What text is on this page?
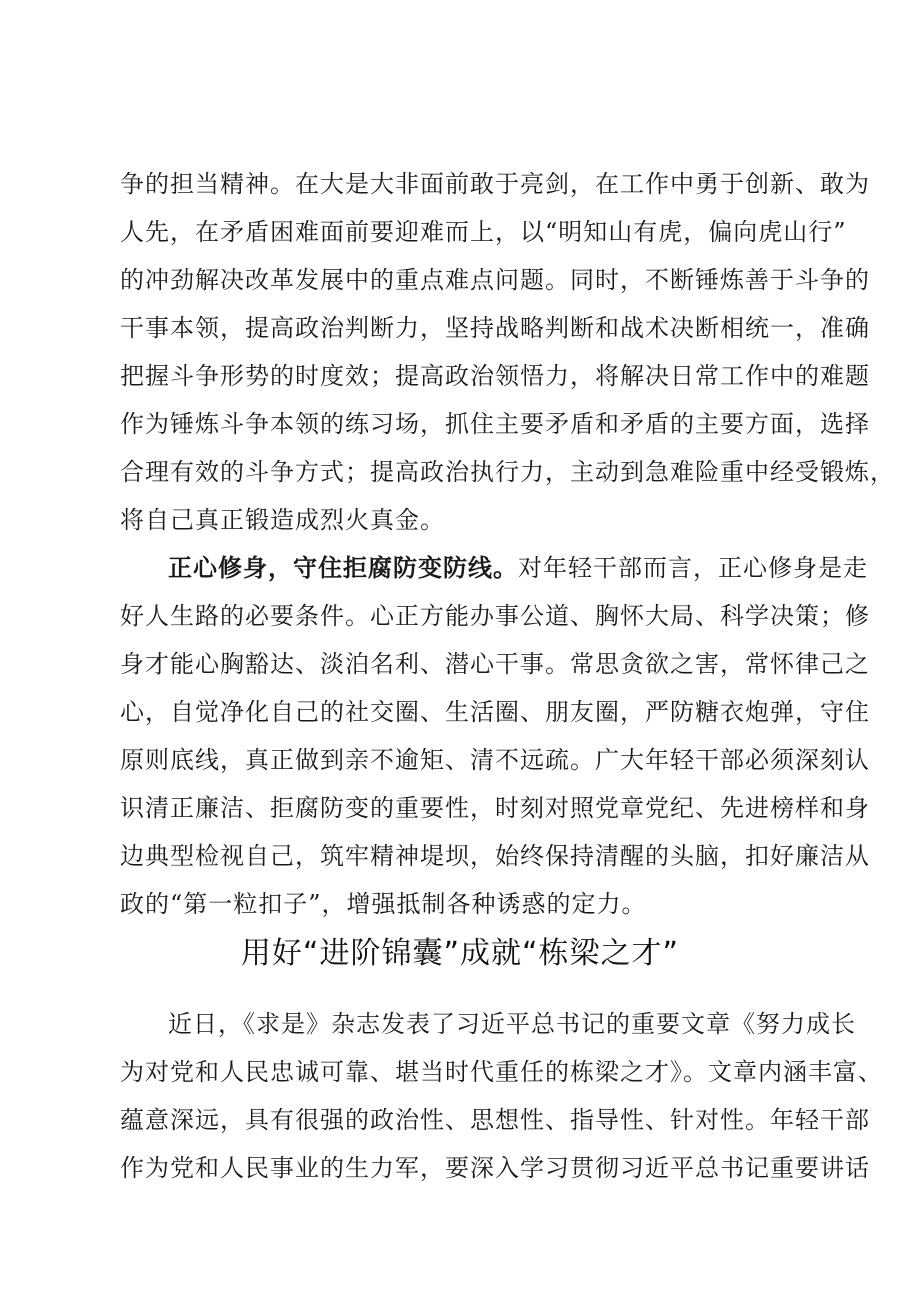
争的担当精神。在大是大非面前敢于亮剑，在工作中勇于创新、敢为
人先，在矛盾困难面前要迎难而上，以“明知山有虎，偏向虎山行”
的冲劲解决改革发展中的重点难点问题。同时，不断锤炼善于斗争的
干事本领，提高政治判断力，坚持战略判断和战术决断相统一，准确
把握斗争形势的时度效；提高政治领悟力，将解决日常工作中的难题
作为锤炼斗争本领的练习场，抓住主要矛盾和矛盾的主要方面，选择
合理有效的斗争方式；提高政治执行力，主动到急难险重中经受锻炼，
将自己真正锻造成烈火真金。
正心修身，守住拒腐防变防线。对年轻干部而言，正心修身是走
好人生路的必要条件。心正方能办事公道、胸怀大局、科学决策；修
身才能心胸豁达、淡泊名利、潜心干事。常思贪欲之害，常怀律己之
心，自觉净化自己的社交圈、生活圈、朋友圈，严防糖衣炮弹，守住
原则底线，真正做到亲不逾矩、清不远疏。广大年轻干部必须深刻认
识清正廉洁、拒腐防变的重要性，时刻对照党章党纪、先进榜样和身
边典型检视自己，筑牢精神堤坝，始终保持清醒的头脑，扣好廉洁从
政的“第一粒扣子”，增强抵制各种诱惑的定力。
用好“进阶锦囊”成就“栋梁之才”
近日，《求是》杂志发表了习近平总书记的重要文章《努力成长
为对党和人民忠诚可靠、堪当时代重任的栋梁之才》。文章内涵丰富、
蕴意深远，具有很强的政治性、思想性、指导性、针对性。年轻干部
作为党和人民事业的生力军，要深入学习贯彻习近平总书记重要讲话
